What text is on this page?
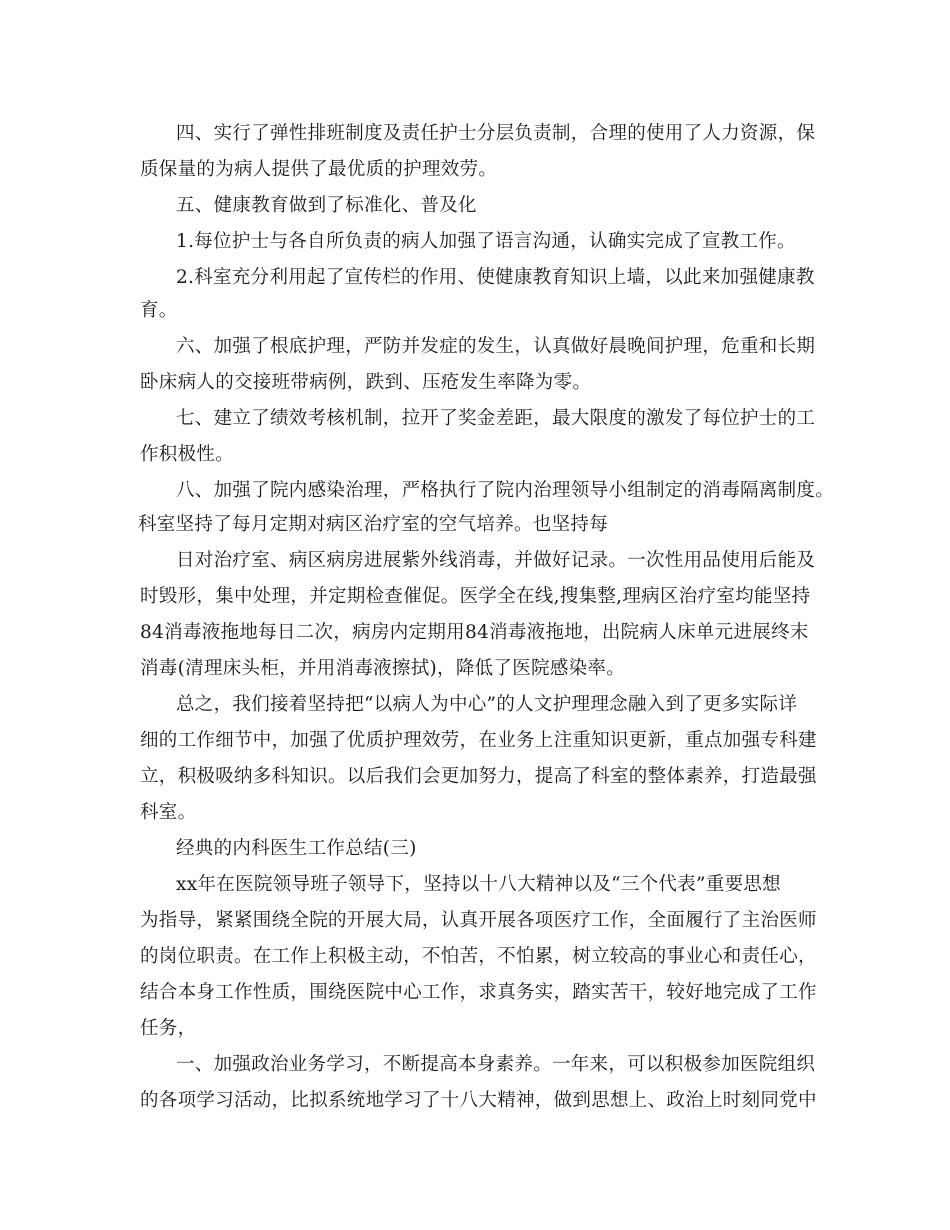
四、实行了弹性排班制度及责任护士分层负责制，合理的使用了人力资源，保
质保量的为病人提供了最优质的护理效劳。
五、健康教育做到了标准化、普及化
1.每位护士与各自所负责的病人加强了语言沟通，认确实完成了宣教工作。
2.科室充分利用起了宣传栏的作用、使健康教育知识上墙，以此来加强健康教
育。
六、加强了根底护理，严防并发症的发生，认真做好晨晚间护理，危重和长期
卧床病人的交接班带病例，跌到、压疮发生率降为零。
七、建立了绩效考核机制，拉开了奖金差距，最大限度的激发了每位护士的工
作积极性。
八、加强了院内感染治理，严格执行了院内治理领导小组制定的消毒隔离制度。
科室坚持了每月定期对病区治疗室的空气培养。也坚持每
日对治疗室、病区病房进展紫外线消毒，并做好记录。一次性用品使用后能及
时毁形，集中处理，并定期检查催促。医学全在线,搜集整,理病区治疗室均能坚持
84消毒液拖地每日二次，病房内定期用84消毒液拖地，出院病人床单元进展终末
消毒(清理床头柜，并用消毒液擦拭)，降低了医院感染率。
总之，我们接着坚持把“以病人为中心”的人文护理理念融入到了更多实际详
细的工作细节中，加强了优质护理效劳，在业务上注重知识更新，重点加强专科建
立，积极吸纳多科知识。以后我们会更加努力，提高了科室的整体素养，打造最强
科室。
经典的内科医生工作总结(三)
xx年在医院领导班子领导下，坚持以十八大精神以及“三个代表”重要思想
为指导，紧紧围绕全院的开展大局，认真开展各项医疗工作，全面履行了主治医师
的岗位职责。在工作上积极主动，不怕苦，不怕累，树立较高的事业心和责任心，
结合本身工作性质，围绕医院中心工作，求真务实，踏实苦干，较好地完成了工作
任务，
一、加强政治业务学习，不断提高本身素养。一年来，可以积极参加医院组织
的各项学习活动，比拟系统地学习了十八大精神，做到思想上、政治上时刻同党中
